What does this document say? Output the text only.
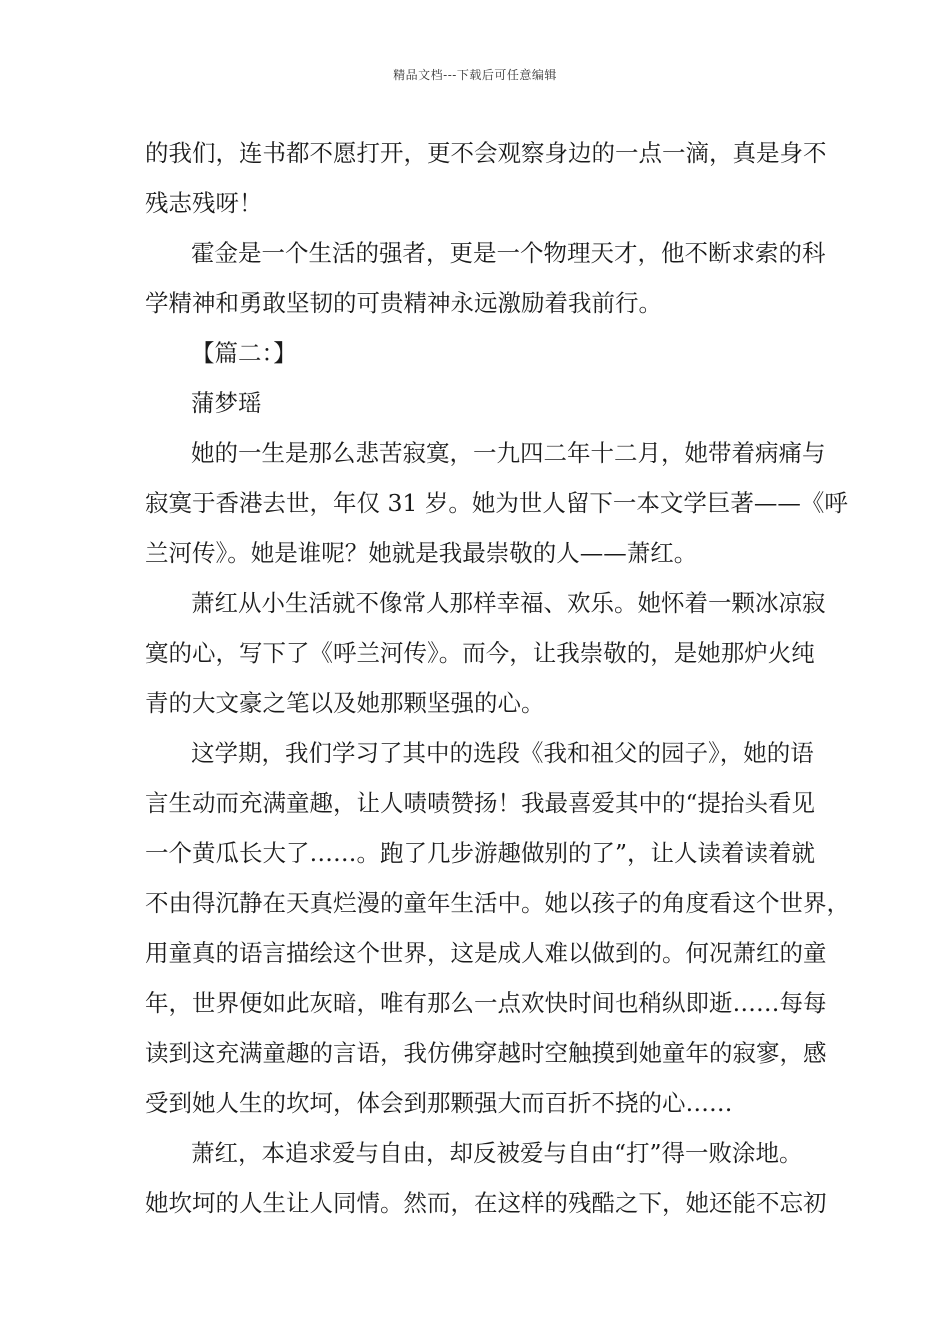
精品文档---下载后可任意编辑
的我们，连书都不愿打开，更不会观察身边的一点一滴，真是身不
残志残呀！
霍金是一个生活的强者，更是一个物理天才，他不断求索的科
学精神和勇敢坚韧的可贵精神永远激励着我前行。
【篇二：】
蒲梦瑶
她的一生是那么悲苦寂寞，一九四二年十二月，她带着病痛与
寂寞于香港去世，年仅 31 岁。她为世人留下一本文学巨著——《呼
兰河传》。她是谁呢？她就是我最崇敬的人——萧红。
萧红从小生活就不像常人那样幸福、欢乐。她怀着一颗冰凉寂
寞的心，写下了《呼兰河传》。而今，让我崇敬的，是她那炉火纯
青的大文豪之笔以及她那颗坚强的心。
这学期，我们学习了其中的选段《我和祖父的园子》，她的语
言生动而充满童趣，让人啧啧赞扬！我最喜爱其中的“提抬头看见
一个黄瓜长大了……。跑了几步游趣做别的了”，让人读着读着就
不由得沉静在天真烂漫的童年生活中。她以孩子的角度看这个世界，
用童真的语言描绘这个世界，这是成人难以做到的。何况萧红的童
年，世界便如此灰暗，唯有那么一点欢快时间也稍纵即逝……每每
读到这充满童趣的言语，我仿佛穿越时空触摸到她童年的寂寥，感
受到她人生的坎坷，体会到那颗强大而百折不挠的心……
萧红，本追求爱与自由，却反被爱与自由“打”得一败涂地。
她坎坷的人生让人同情。然而，在这样的残酷之下，她还能不忘初
